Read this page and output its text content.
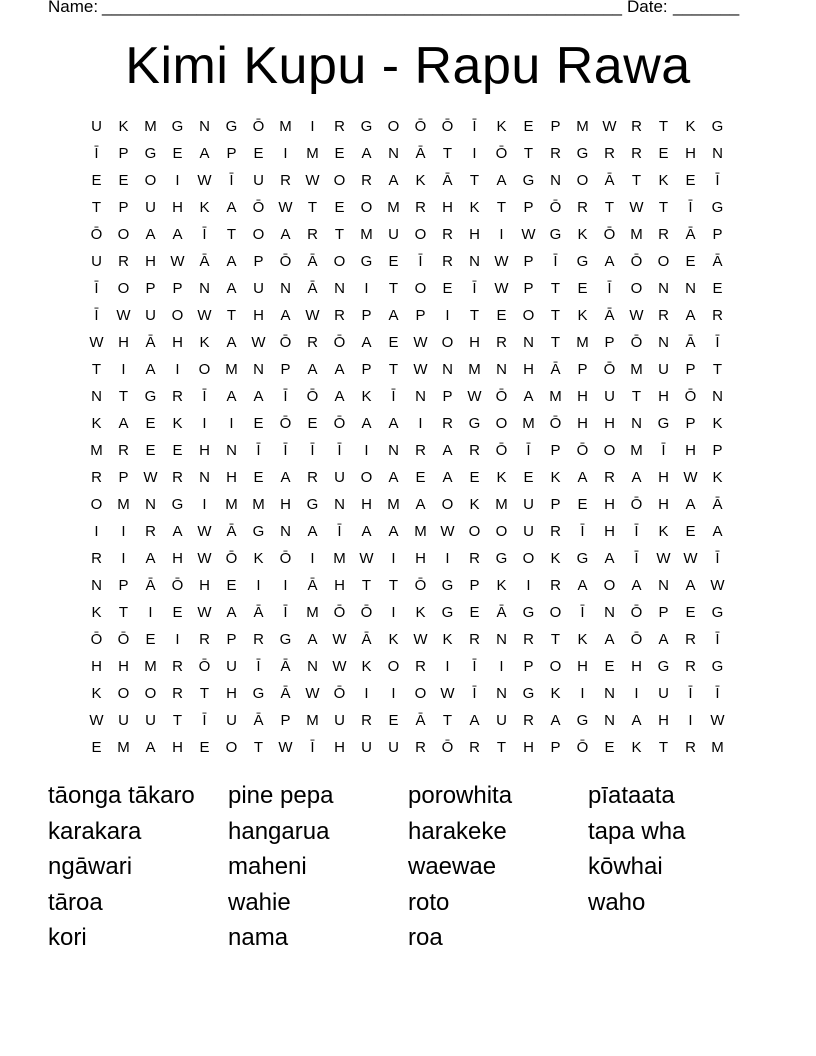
Name: _______________________________________________________ Date: _______
Kimi Kupu - Rapu Rawa
U	K	M G	N	G	Ō M	I	R	G	O	Ō	Ō	Ī	K	E	P	M W R	T	K	G
Ī	P	G	E	A	P	E	I	M	E	A	N	Ā	T	I	Ō	T	R	G	R	R	E	H	N
E	E	O	I	W	Ī	U	R W O	R	A	K	Ā	T	A	G	N	O	Ā	T	K	E	Ī
T	P	U	H	K	A	Ō W	T	E	O M	R	H	K	T	P	Ō	R	T	W	T	Ī	G
Ō	O	A	A	Ī	T	O	A	R	T	M	U	O	R	H	I	W G	K	Ō M	R	Ā	P
U	R	H W Ā	A	P	Ō	Ā	O	G	E	Ī	R	N W P	Ī	G	A	Ō	O	E	Ā
Ī	O	P	P	N	A	U	N	Ā	N	I	T	O	E	Ī	W P	T	E	Ī	O	N	N	E
Ī	W U	O W	T	H	A W R	P	A	P	I	T	E	O	T	K	Ā W R	A	R
W H	Ā	H	K	A W Ō	R	Ō	A	E W O	H	R	N	T	M	P	Ō	N	Ā	Ī
T	I	A	I	O M	N	P	A	A	P	T	W N	M	N	H	Ā	P	Ō M	U	P	T
N	T	G	R	Ī	A	A	Ī	Ō	A	K	Ī	N	P W Ō	A	M	H	U	T	H	Ō	N
K	A	E	K	I	I	E	Ō	E	Ō	A	A	I	R	G	O M Ō	H	H	N	G	P	K
M	R	E	E	H	N	Ī	Ī	Ī	Ī	I	N	R	A	R	Ō	Ī	P	Ō	O M	Ī	H	P
R	P W R	N	H	E	A	R	U	O	A	E	A	E	K	E	K	A	R	A	H W K
O M	N	G	I	M M	H	G	N	H	M	A	O	K	M	U	P	E	H	Ō	H	A	Ā
I	I	R	A W Ā	G	N	A	Ī	A	A	M W O	O	U	R	Ī	H	Ī	K	E	A
R	I	A	H W Ō	K	Ō	I	M W	I	H	I	R	G	O	K	G	A	Ī	W W	Ī
N	P	Ā	Ō	H	E	I	I	Ā	H	T	T	Ō	G	P	K	I	R	A	O	A	N	A W
K	T	I	E W A	Ā	Ī	M Ō	Ō	I	K	G	E	Ā	G	O	Ī	N	Ō	P	E	G
Ō	Ō	E	I	R	P	R	G	A W Ā	K W K	R	N	R	T	K	A	Ō	A	R	Ī
H	H	M	R	Ō	U	Ī	Ā	N W K	O	R	I	Ī	I	P	O	H	E	H	G	R	G
K	O	O	R	T	H	G	Ā W Ō	I	I	O W	Ī	N	G	K	I	N	I	U	Ī	Ī
W U	U	T	Ī	U	Ā	P	M	U	R	E	Ā	T	A	U	R	A	G	N	A	H	I	W
E	M	A	H	E	O	T	W	Ī	H	U	U	R	Ō	R	T	H	P	Ō	E	K	T	R	M
tāonga tākaro	pine pepa	porowhita	pīataata
karakara	hangarua	harakeke	tapa wha
ngāwari	maheni	waewae	kōwhai
tāroa	wahie	roto	waho
kori	nama	roa
